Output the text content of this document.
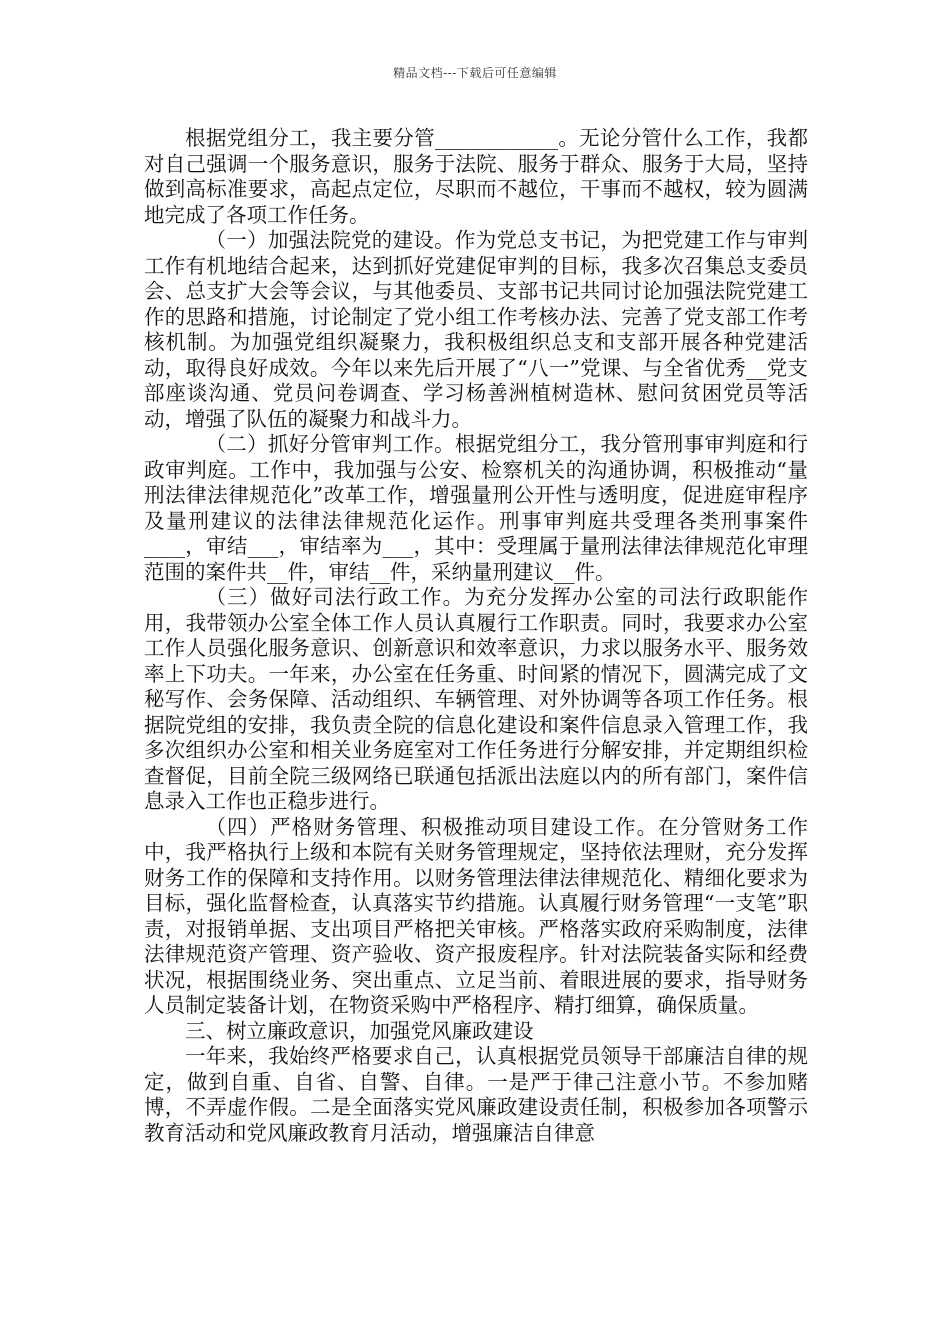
精品文档---下载后可任意编辑

根据党组分工，我主要分管____________。无论分管什么工作，我都对自己强调一个服务意识，服务于法院、服务于群众、服务于大局，坚持做到高标准要求，高起点定位，尽职而不越位，干事而不越权，较为圆满地完成了各项工作任务。

（一）加强法院党的建设。作为党总支书记，为把党建工作与审判工作有机地结合起来，达到抓好党建促审判的目标，我多次召集总支委员会、总支扩大会等会议，与其他委员、支部书记共同讨论加强法院党建工作的思路和措施，讨论制定了党小组工作考核办法、完善了党支部工作考核机制。为加强党组织凝聚力，我积极组织总支和支部开展各种党建活动，取得良好成效。今年以来先后开展了“八一”党课、与全省优秀__党支部座谈沟通、党员问卷调查、学习杨善洲植树造林、慰问贫困党员等活动，增强了队伍的凝聚力和战斗力。

（二）抓好分管审判工作。根据党组分工，我分管刑事审判庭和行政审判庭。工作中，我加强与公安、检察机关的沟通协调，积极推动“量刑法律法律规范化”改革工作，增强量刑公开性与透明度，促进庭审程序及量刑建议的法律法律规范化运作。刑事审判庭共受理各类刑事案件____，审结___，审结率为___，其中：受理属于量刑法律法律规范化审理范围的案件共__件，审结__件，采纳量刑建议__件。

（三）做好司法行政工作。为充分发挥办公室的司法行政职能作用，我带领办公室全体工作人员认真履行工作职责。同时，我要求办公室工作人员强化服务意识、创新意识和效率意识，力求以服务水平、服务效率上下功夫。一年来，办公室在任务重、时间紧的情况下，圆满完成了文秘写作、会务保障、活动组织、车辆管理、对外协调等各项工作任务。根据院党组的安排，我负责全院的信息化建设和案件信息录入管理工作，我多次组织办公室和相关业务庭室对工作任务进行分解安排，并定期组织检查督促，目前全院三级网络已联通包括派出法庭以内的所有部门，案件信息录入工作也正稳步进行。

（四）严格财务管理、积极推动项目建设工作。在分管财务工作中，我严格执行上级和本院有关财务管理规定，坚持依法理财，充分发挥财务工作的保障和支持作用。以财务管理法律法律规范化、精细化要求为目标，强化监督检查，认真落实节约措施。认真履行财务管理“一支笔”职责，对报销单据、支出项目严格把关审核。严格落实政府采购制度，法律法律规范资产管理、资产验收、资产报废程序。针对法院装备实际和经费状况，根据围绕业务、突出重点、立足当前、着眼进展的要求，指导财务人员制定装备计划，在物资采购中严格程序、精打细算，确保质量。

三、树立廉政意识，加强党风廉政建设

一年来，我始终严格要求自己，认真根据党员领导干部廉洁自律的规定，做到自重、自省、自警、自律。一是严于律己注意小节。不参加赌博，不弄虚作假。二是全面落实党风廉政建设责任制，积极参加各项警示教育活动和党风廉政教育月活动，增强廉洁自律意
